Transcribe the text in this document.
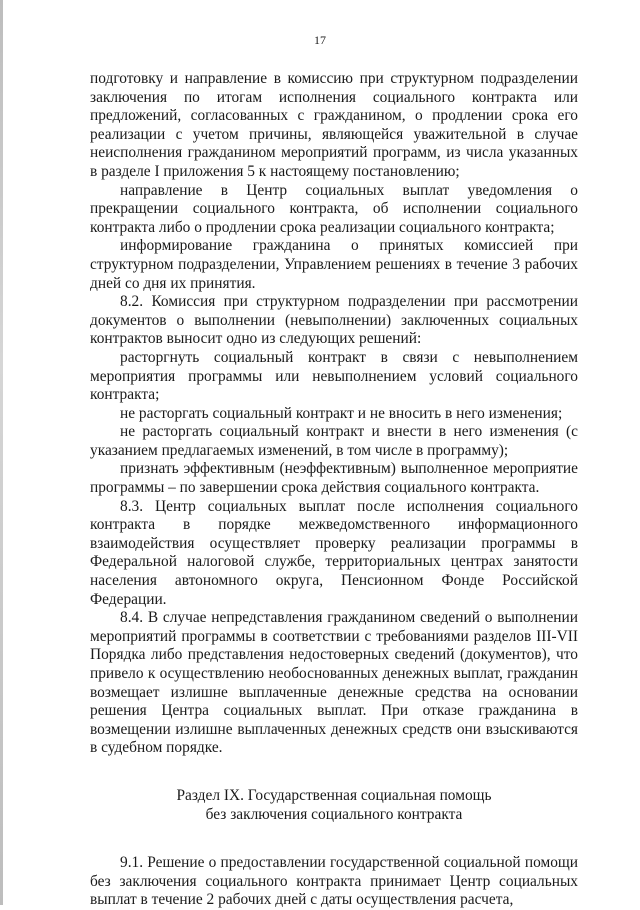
17

подготовку и направление в комиссию при структурном подразделении заключения по итогам исполнения социального контракта или предложений, согласованных с гражданином, о продлении срока его реализации с учетом причины, являющейся уважительной в случае неисполнения гражданином мероприятий программ, из числа указанных в разделе I приложения 5 к настоящему постановлению;

направление в Центр социальных выплат уведомления о прекращении социального контракта, об исполнении социального контракта либо о продлении срока реализации социального контракта;

информирование гражданина о принятых комиссией при структурном подразделении, Управлением решениях в течение 3 рабочих дней со дня их принятия.

8.2. Комиссия при структурном подразделении при рассмотрении документов о выполнении (невыполнении) заключенных социальных контрактов выносит одно из следующих решений:

расторгнуть социальный контракт в связи с невыполнением мероприятия программы или невыполнением условий социального контракта;

не расторгать социальный контракт и не вносить в него изменения;

не расторгать социальный контракт и внести в него изменения (с указанием предлагаемых изменений, в том числе в программу);

признать эффективным (неэффективным) выполненное мероприятие программы – по завершении срока действия социального контракта.

8.3. Центр социальных выплат после исполнения социального контракта в порядке межведомственного информационного взаимодействия осуществляет проверку реализации программы в Федеральной налоговой службе, территориальных центрах занятости населения автономного округа, Пенсионном Фонде Российской Федерации.

8.4. В случае непредставления гражданином сведений о выполнении мероприятий программы в соответствии с требованиями разделов III-VII Порядка либо представления недостоверных сведений (документов), что привело к осуществлению необоснованных денежных выплат, гражданин возмещает излишне выплаченные денежные средства на основании решения Центра социальных выплат. При отказе гражданина в возмещении излишне выплаченных денежных средств они взыскиваются в судебном порядке.

Раздел IX. Государственная социальная помощь
без заключения социального контракта

9.1. Решение о предоставлении государственной социальной помощи без заключения социального контракта принимает Центр социальных выплат в течение 2 рабочих дней с даты осуществления расчета,
